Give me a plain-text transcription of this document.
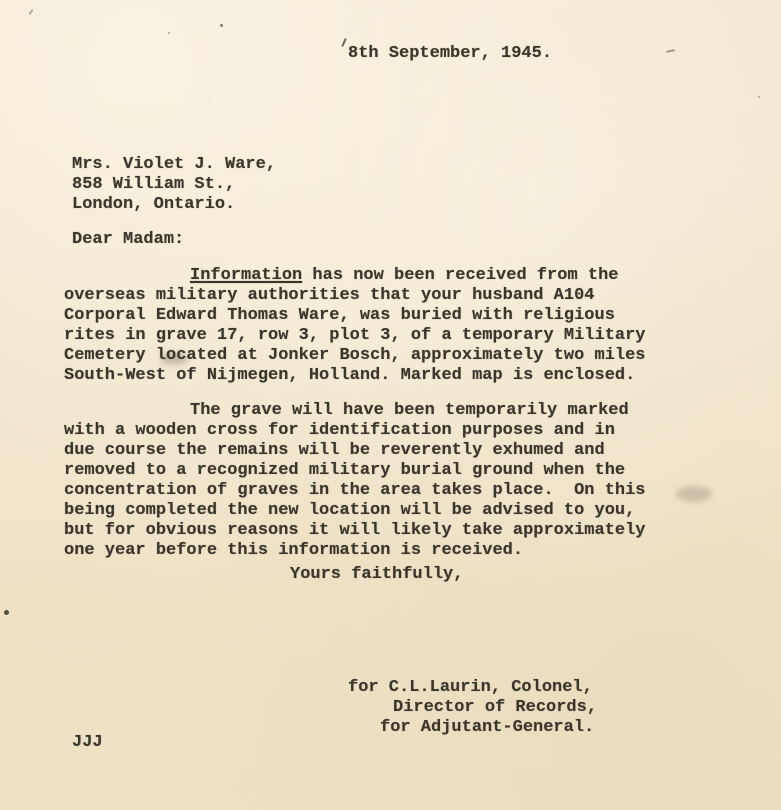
8th September, 1945.
Mrs. Violet J. Ware,
858 William St.,
London, Ontario.
Dear Madam:
Information has now been received from the
overseas military authorities that your husband A104
Corporal Edward Thomas Ware, was buried with religious
rites in grave 17, row 3, plot 3, of a temporary Military
Cemetery located at Jonker Bosch, approximately two miles
South-West of Nijmegen, Holland. Marked map is enclosed.
The grave will have been temporarily marked
with a wooden cross for identification purposes and in
due course the remains will be reverently exhumed and
removed to a recognized military burial ground when the
concentration of graves in the area takes place.  On this
being completed the new location will be advised to you,
but for obvious reasons it will likely take approximately
one year before this information is received.
Yours faithfully,
for C.L.Laurin, Colonel,
Director of Records,
for Adjutant-General.
JJJ
